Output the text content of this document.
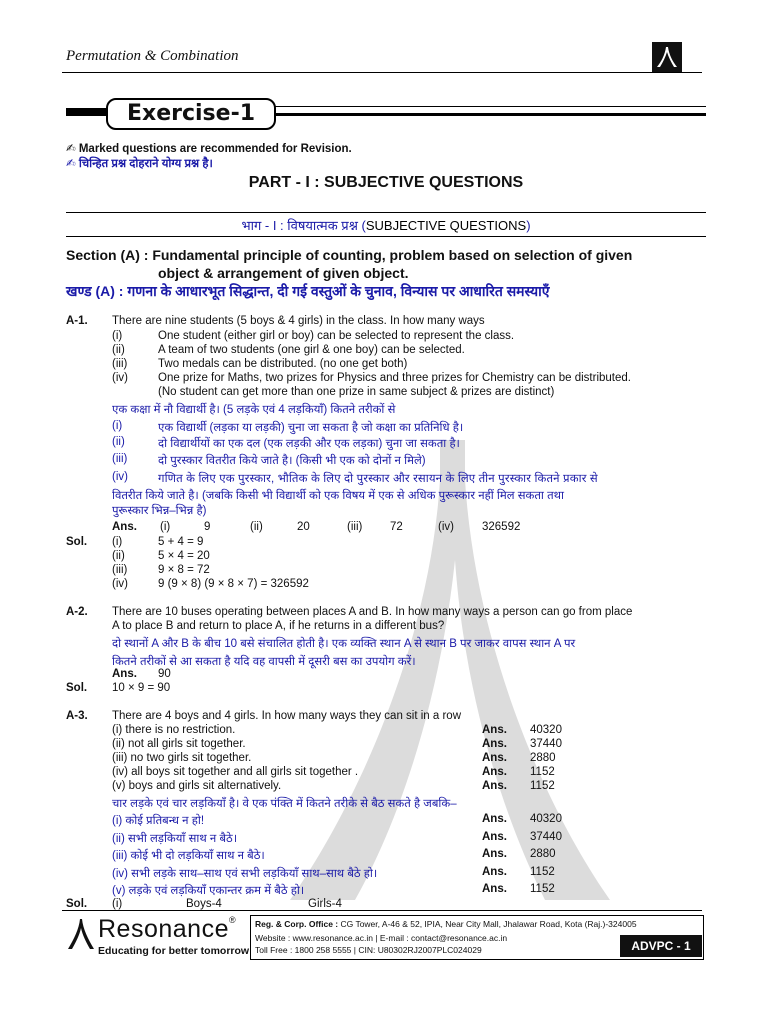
Permutation & Combination
Exercise-1
✍ Marked questions are recommended for Revision.
✍ चिन्हित प्रश्न दोहराने योग्य प्रश्न है।
PART - I : SUBJECTIVE QUESTIONS
भाग - I : विषयात्मक प्रश्न (SUBJECTIVE QUESTIONS)
Section (A) : Fundamental principle of counting, problem based on selection of given
object & arrangement of given object.
खण्ड (A) : गणना के आधारभूत सिद्धान्त, दी गई वस्तुओं के चुनाव, विन्यास पर आधारित समस्याएँ
A-1. There are nine students (5 boys & 4 girls) in the class. In how many ways
(i)	One student (either girl or boy) can be selected to represent the class.
(ii)	A team of two students (one girl & one boy) can be selected.
(iii)	Two medals can be distributed. (no one get both)
(iv)	One prize for Maths, two prizes for Physics and three prizes for Chemistry can be distributed.
(No student can get more than one prize in same subject & prizes are distinct)
एक कक्षा में नौ विद्यार्थी है। (5 लड़के एवं 4 लड़कियाँ) कितने तरीकों से
(i)	एक विद्यार्थी (लड़का या लड़की) चुना जा सकता है जो कक्षा का प्रतिनिधि है।
(ii)	दो विद्यार्थीयों का एक दल (एक लड़की और एक लड़का) चुना जा सकता है।
(iii)	दो पुरस्कार वितरीत किये जाते है। (किसी भी एक को दोनों न मिले)
(iv)	गणित के लिए एक पुरस्कार, भौतिक के लिए दो पुरस्कार और रसायन के लिए तीन पुरस्कार कितने प्रकार से
वितरीत किये जाते है। (जबकि किसी भी विद्यार्थी को एक विषय में एक से अधिक पुरूस्कार नहीं मिल सकता तथा
पुरूस्कार भिन्न–भिन्न है)
Ans. (i)	9	(ii)	20	(iii) 72	(iv) 326592
Sol. (i)	5 + 4 = 9
(ii)	5 × 4 = 20
(iii)	9 × 8 = 72
(iv)	9 (9 × 8) (9 × 8 × 7) = 326592
A-2. There are 10 buses operating between places A and B. In how many ways a person can go from place
A to place B and return to place A, if he returns in a different bus?
दो स्थानों A और B के बीच 10 बसे संचालित होती है। एक व्यक्ति स्थान A से स्थान B पर जाकर वापस स्थान A पर
कितने तरीकों से आ सकता है यदि वह वापसी में दूसरी बस का उपयोग करें।
Ans. 90
Sol. 10 × 9 = 90
A-3. There are 4 boys and 4 girls. In how many ways they can sit in a row
(i) there is no restriction.	Ans. 40320
(ii) not all girls sit together.	Ans. 37440
(iii) no two girls sit together.	Ans. 2880
(iv) all boys sit together and all girls sit together .	Ans. 1152
(v) boys and girls sit alternatively.	Ans. 1152
चार लड़के एवं चार लड़कियाँ है। वे एक पंक्ति में कितने तरीके से बैठ सकते है जबकि–
(i) कोई प्रतिबन्ध न हो!	Ans. 40320
(ii) सभी लड़कियाँ साथ न बैठे।	Ans. 37440
(iii) कोई भी दो लड़कियाँ साथ न बैठे।	Ans. 2880
(iv) सभी लड़के साथ–साथ एवं सभी लड़कियाँ साथ–साथ बैठे हो।	Ans. 1152
(v) लड़के एवं लड़कियाँ एकान्तर क्रम में बैठे हो।	Ans. 1152
Sol. (i)	Boys-4	Girls-4
Resonance®
Educating for better tomorrow
Reg. & Corp. Office : CG Tower, A-46 & 52, IPIA, Near City Mall, Jhalawar Road, Kota (Raj.)-324005
Website : www.resonance.ac.in | E-mail : contact@resonance.ac.in
Toll Free : 1800 258 5555 | CIN: U80302RJ2007PLC024029	ADVPC - 1
